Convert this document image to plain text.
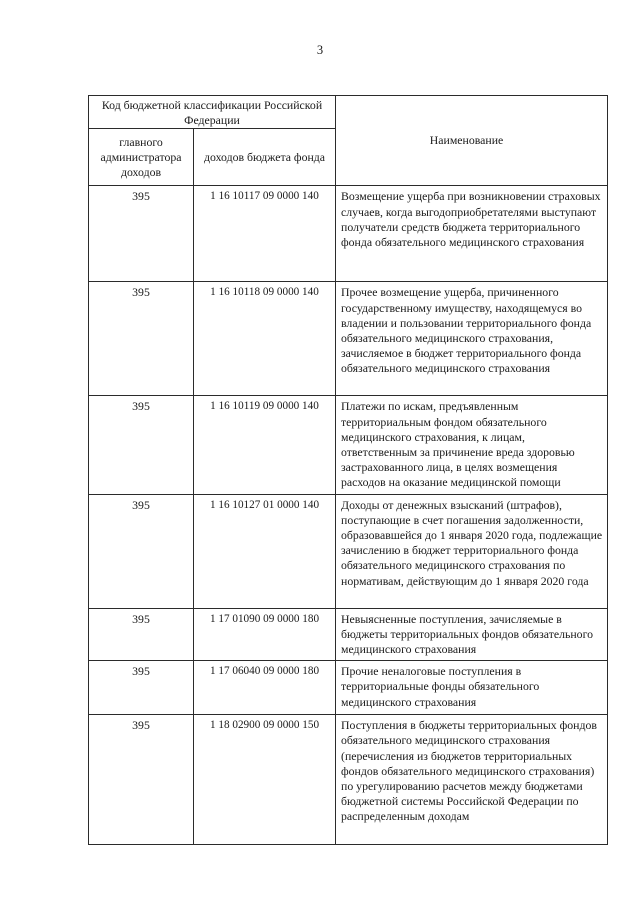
3
Код бюджетной классификации Российской Федерации		Наименование
главного администратора доходов	доходов бюджета фонда	
395	1 16 10117 09 0000 140	Возмещение ущерба при возникновении страховых случаев, когда выгодоприобретателями выступают получатели средств бюджета территориального фонда обязательного медицинского страхования
395	1 16 10118 09 0000 140	Прочее возмещение ущерба, причиненного государственному имуществу, находящемуся во владении и пользовании территориального фонда обязательного медицинского страхования, зачисляемое в бюджет территориального фонда обязательного медицинского страхования
395	1 16 10119 09 0000 140	Платежи по искам, предъявленным территориальным фондом обязательного медицинского страхования, к лицам, ответственным за причинение вреда здоровью застрахованного лица, в целях возмещения расходов на оказание медицинской помощи
395	1 16 10127 01 0000 140	Доходы от денежных взысканий (штрафов), поступающие в счет погашения задолженности, образовавшейся до 1 января 2020 года, подлежащие зачислению в бюджет территориального фонда обязательного медицинского страхования по нормативам, действующим до 1 января 2020 года
395	1 17 01090 09 0000 180	Невыясненные поступления, зачисляемые в бюджеты территориальных фондов обязательного медицинского страхования
395	1 17 06040 09 0000 180	Прочие неналоговые поступления в территориальные фонды обязательного медицинского страхования
395	1 18 02900 09 0000 150	Поступления в бюджеты территориальных фондов обязательного медицинского страхования (перечисления из бюджетов территориальных фондов обязательного медицинского страхования) по урегулированию расчетов между бюджетами бюджетной системы Российской Федерации по распределенным доходам
